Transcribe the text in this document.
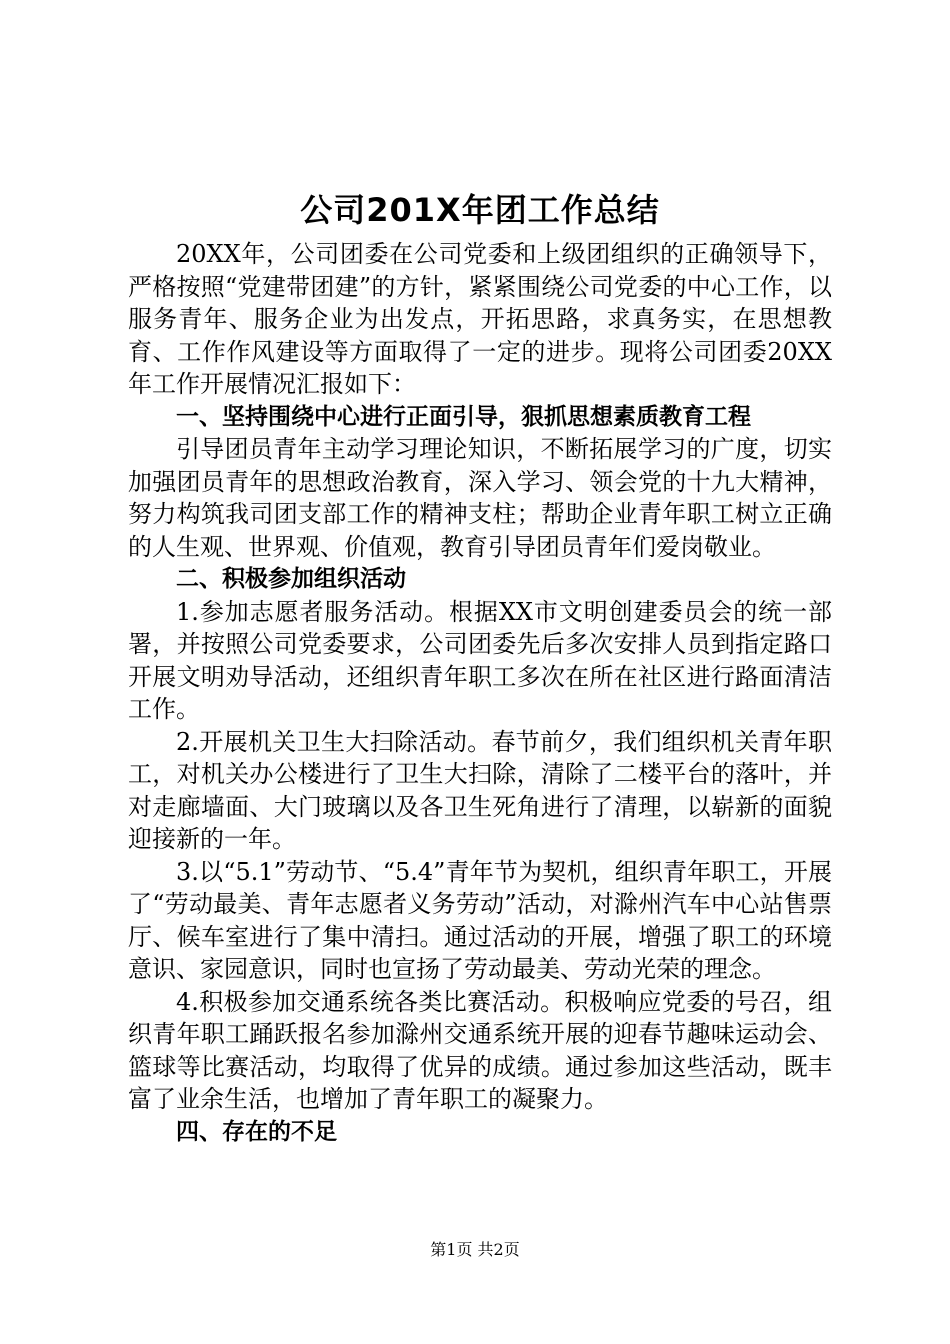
公司201X年团工作总结

20XX年，公司团委在公司党委和上级团组织的正确领导下，严格按照“党建带团建”的方针，紧紧围绕公司党委的中心工作，以服务青年、服务企业为出发点，开拓思路，求真务实，在思想教育、工作作风建设等方面取得了一定的进步。现将公司团委20XX年工作开展情况汇报如下：

一、坚持围绕中心进行正面引导，狠抓思想素质教育工程

引导团员青年主动学习理论知识，不断拓展学习的广度，切实加强团员青年的思想政治教育，深入学习、领会党的十九大精神，努力构筑我司团支部工作的精神支柱；帮助企业青年职工树立正确的人生观、世界观、价值观，教育引导团员青年们爱岗敬业。

二、积极参加组织活动

1.参加志愿者服务活动。根据XX市文明创建委员会的统一部署，并按照公司党委要求，公司团委先后多次安排人员到指定路口开展文明劝导活动，还组织青年职工多次在所在社区进行路面清洁工作。

2.开展机关卫生大扫除活动。春节前夕，我们组织机关青年职工，对机关办公楼进行了卫生大扫除，清除了二楼平台的落叶，并对走廊墙面、大门玻璃以及各卫生死角进行了清理，以崭新的面貌迎接新的一年。

3.以“5.1”劳动节、“5.4”青年节为契机，组织青年职工，开展了“劳动最美、青年志愿者义务劳动”活动，对滁州汽车中心站售票厅、候车室进行了集中清扫。通过活动的开展，增强了职工的环境意识、家园意识，同时也宣扬了劳动最美、劳动光荣的理念。

4.积极参加交通系统各类比赛活动。积极响应党委的号召，组织青年职工踊跃报名参加滁州交通系统开展的迎春节趣味运动会、篮球等比赛活动，均取得了优异的成绩。通过参加这些活动，既丰富了业余生活，也增加了青年职工的凝聚力。

四、存在的不足

第1页 共2页
